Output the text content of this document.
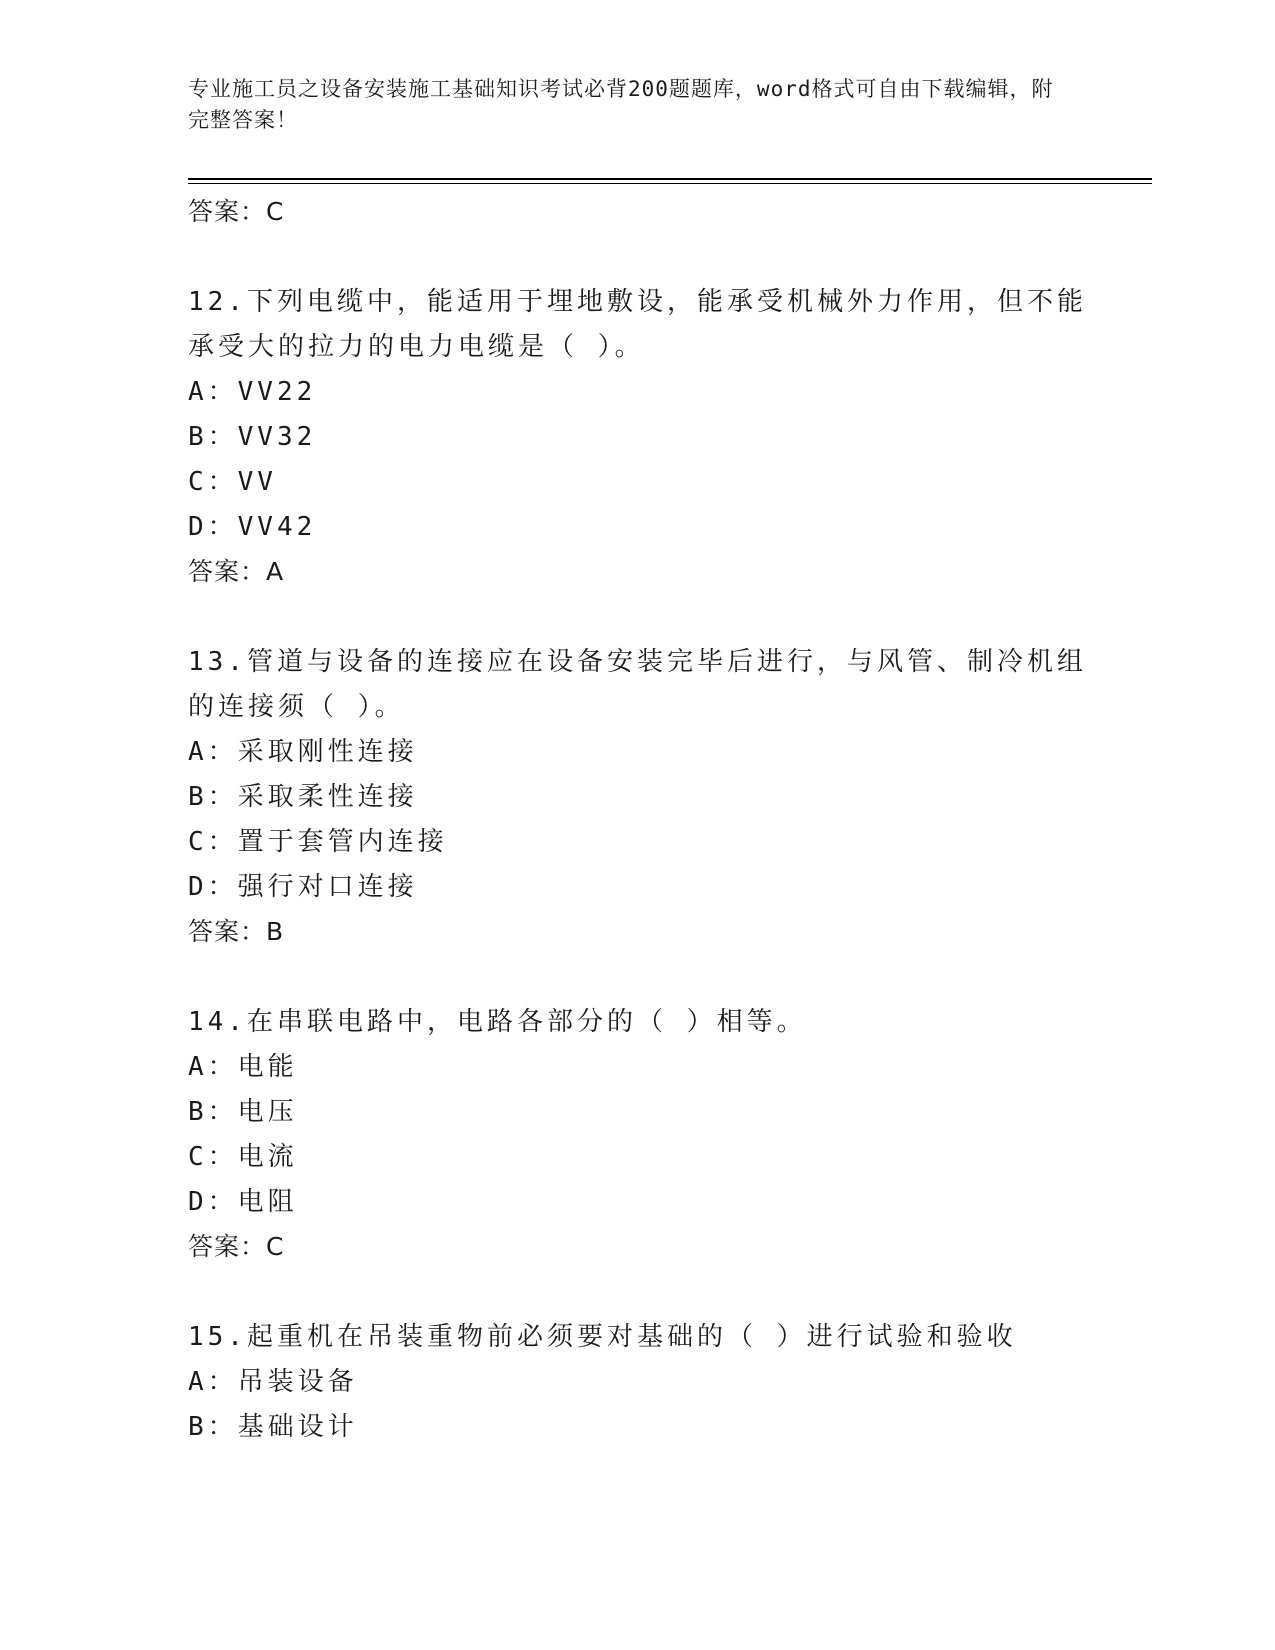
专业施工员之设备安装施工基础知识考试必背200题题库，word格式可自由下载编辑，附完整答案！
答案：C
12.下列电缆中，能适用于埋地敷设，能承受机械外力作用，但不能承受大的拉力的电力电缆是（ ）。
A：VV22
B：VV32
C：VV
D：VV42
答案：A
13.管道与设备的连接应在设备安装完毕后进行，与风管、制冷机组的连接须（ ）。
A：采取刚性连接
B：采取柔性连接
C：置于套管内连接
D：强行对口连接
答案：B
14.在串联电路中，电路各部分的（ ）相等。
A：电能
B：电压
C：电流
D：电阻
答案：C
15.起重机在吊装重物前必须要对基础的（ ）进行试验和验收
A：吊装设备
B：基础设计
